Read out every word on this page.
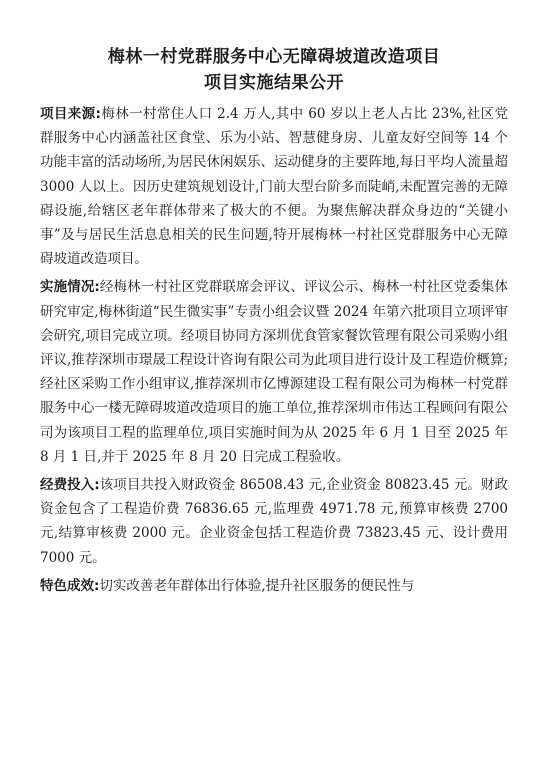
梅林一村党群服务中心无障碍坡道改造项目
项目实施结果公开
项目来源:梅林一村常住人口 2.4 万人,其中 60 岁以上老人占比 23%,社区党群服务中心内涵盖社区食堂、乐为小站、智慧健身房、儿童友好空间等 14 个功能丰富的活动场所,为居民休闲娱乐、运动健身的主要阵地,每日平均人流量超 3000 人以上。因历史建筑规划设计,门前大型台阶多而陡峭,未配置完善的无障碍设施,给辖区老年群体带来了极大的不便。为聚焦解决群众身边的“关键小事”及与居民生活息息相关的民生问题,特开展梅林一村社区党群服务中心无障碍坡道改造项目。
实施情况:经梅林一村社区党群联席会评议、评议公示、梅林一村社区党委集体研究审定,梅林街道“民生微实事”专责小组会议暨 2024 年第六批项目立项评审会研究,项目完成立项。经项目协同方深圳优食管家餐饮管理有限公司采购小组评议,推荐深圳市璟晟工程设计咨询有限公司为此项目进行设计及工程造价概算;经社区采购工作小组审议,推荐深圳市亿博源建设工程有限公司为梅林一村党群服务中心一楼无障碍坡道改造项目的施工单位,推荐深圳市伟达工程顾问有限公司为该项目工程的监理单位,项目实施时间为从 2025 年 6 月 1 日至 2025 年 8 月 1 日,并于 2025 年 8 月 20 日完成工程验收。
经费投入:该项目共投入财政资金 86508.43 元,企业资金 80823.45 元。财政资金包含了工程造价费 76836.65 元,监理费 4971.78 元,预算审核费 2700 元,结算审核费 2000 元。企业资金包括工程造价费 73823.45 元、设计费用 7000 元。
特色成效:切实改善老年群体出行体验,提升社区服务的便民性与
